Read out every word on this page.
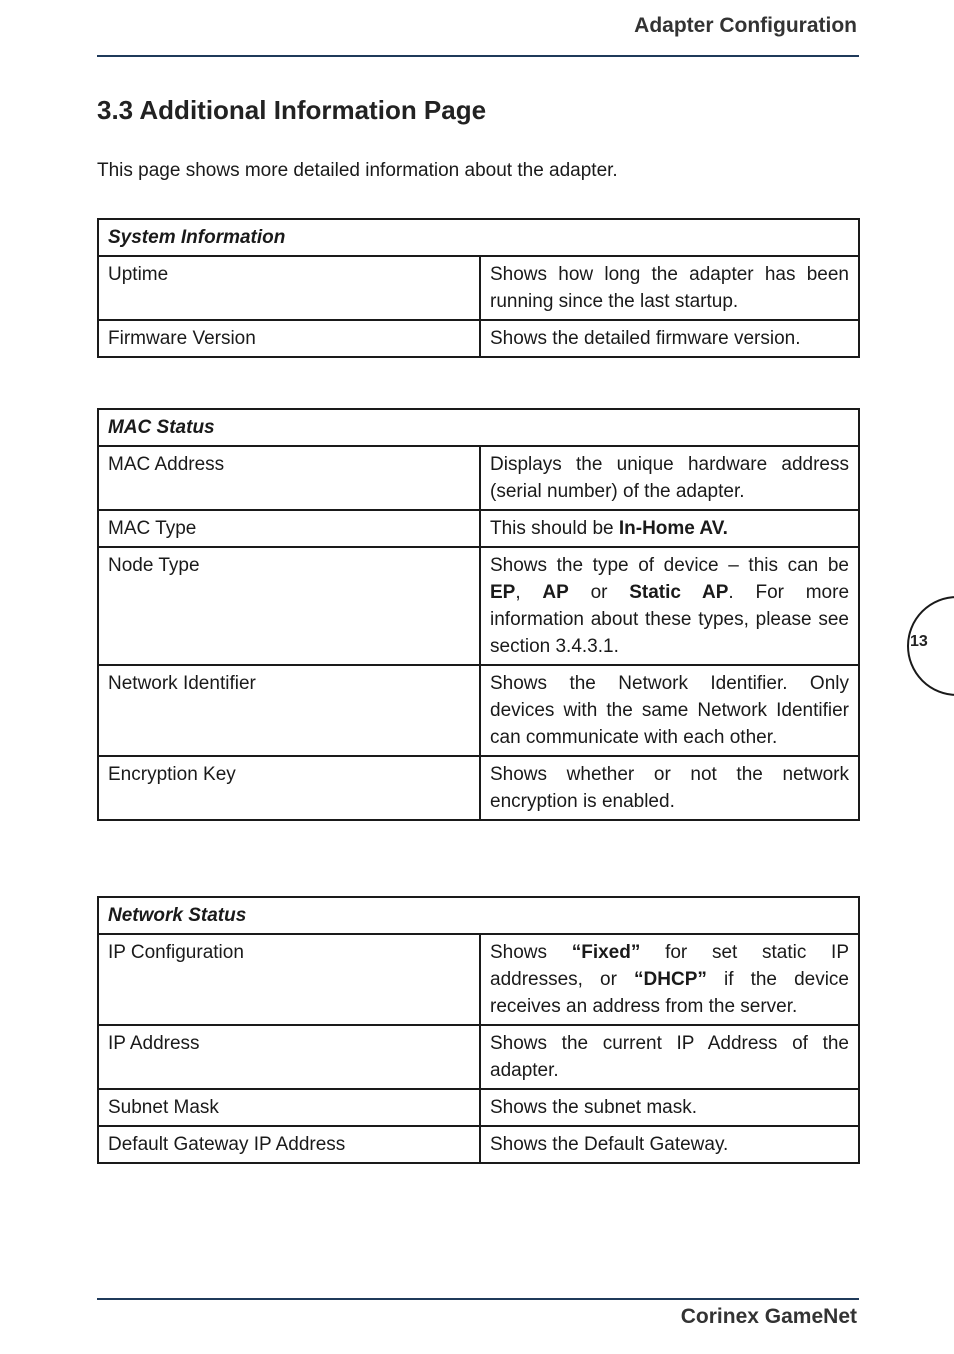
Adapter Configuration
3.3 Additional Information Page

This page shows more detailed information about the adapter.

System Information	
Uptime	Shows how long the adapter has been running since the last startup.
Firmware Version	Shows the detailed firmware version.
MAC Status	
MAC Address	Displays the unique hardware address (serial number) of the adapter.
MAC Type	This should be In-Home AV.
Node Type	Shows the type of device – this can be EP, AP or Static AP. For more information about these types, please see section 3.4.3.1.
Network Identifier	Shows the Network Identifier. Only devices with the same Network Identifier can communicate with each other.
Encryption Key	Shows whether or not the network encryption is enabled.
Network Status	
IP Configuration	Shows “Fixed” for set static IP addresses, or “DHCP” if the device receives an address from the server.
IP Address	Shows the current IP Address of the adapter.
Subnet Mask	Shows the subnet mask.
Default Gateway IP Address	Shows the Default Gateway.
13
Corinex GameNet
